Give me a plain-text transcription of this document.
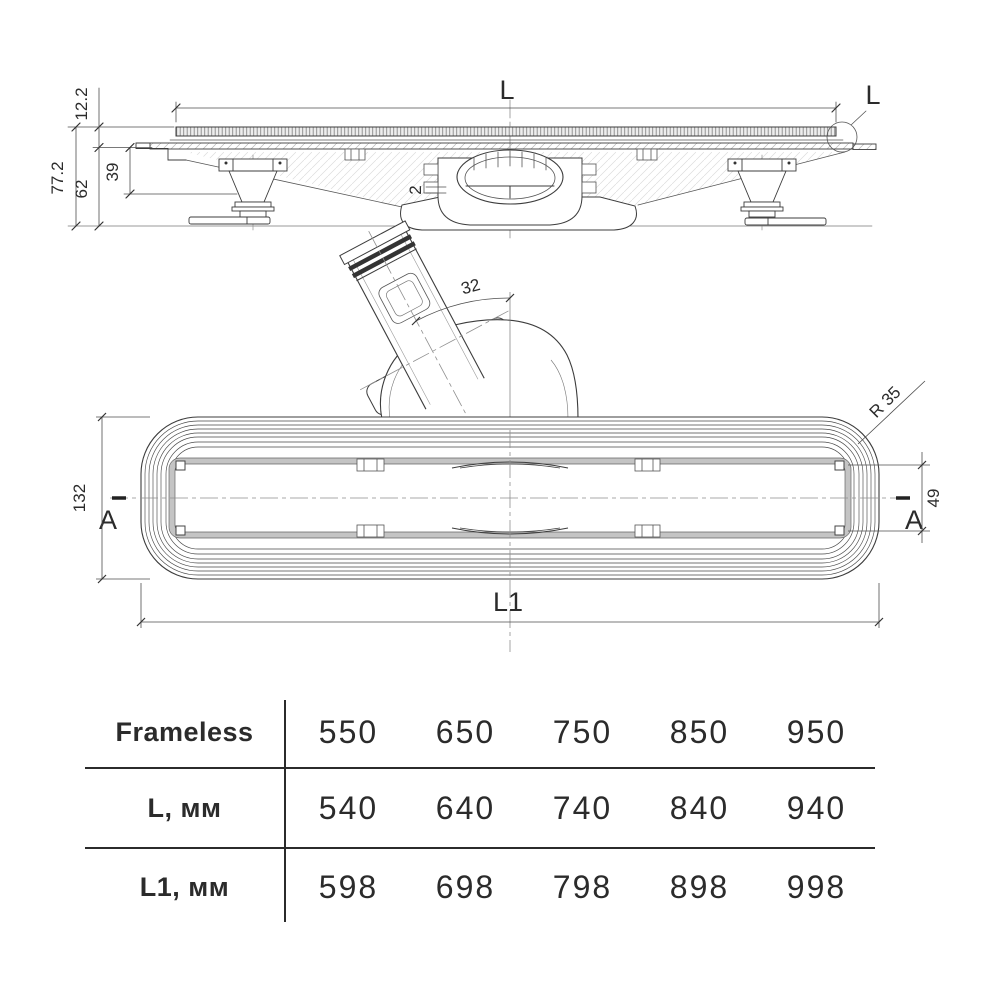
L
12.2
77.2 62
39
2
L
32
A	A
132	49
R 35
L1
Frameless	550	650	750	850	950
L, мм	540	640	740	840	940
L1, мм	598	698	798	898	998
